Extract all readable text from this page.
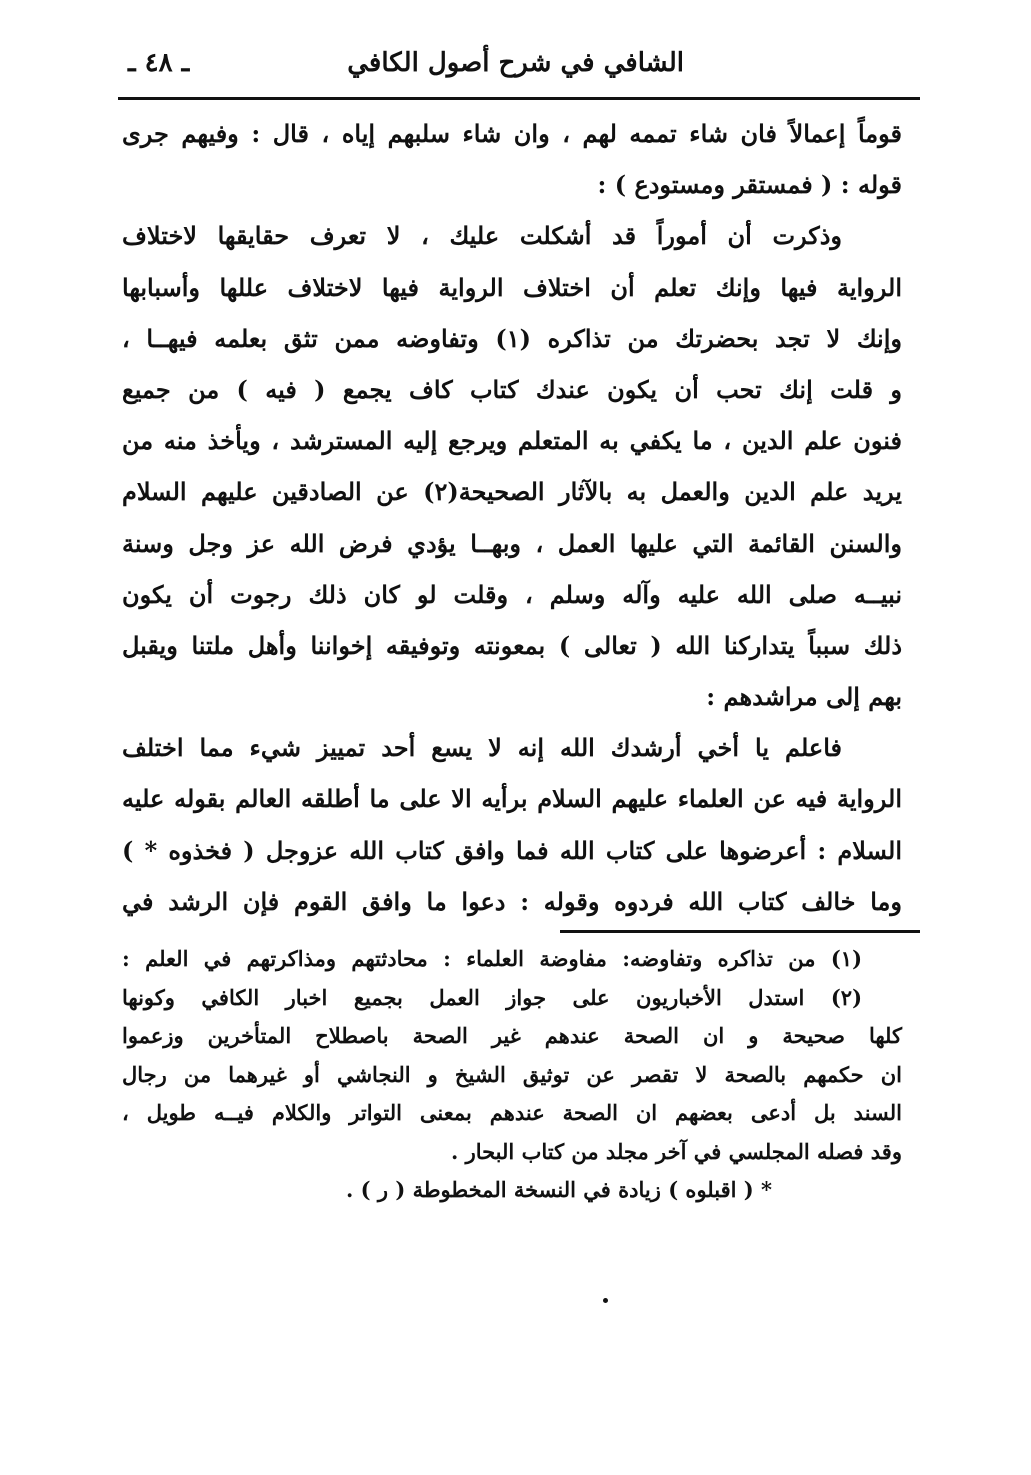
الشافي في شرح أصول الكافي
ـ ٤٨ ـ
قوماً إعمالاً فان شاء تممه لهم ، وان شاء سلبهم إياه ، قال : وفيهم جرى
قوله : ( فمستقر ومستودع ) :
وذكرت أن أموراً قد أشكلت عليك ، لا تعرف حقايقها لاختلاف
الرواية فيها وإنك تعلم أن اختلاف الرواية فيها لاختلاف عللها وأسبابها
وإنك لا تجد بحضرتك من تذاكره (١) وتفاوضه ممن تثق بعلمه فيهــا ،
و قلت إنك تحب أن يكون عندك كتاب كاف يجمع ( فيه ) من جميع
فنون علم الدين ، ما يكفي به المتعلم ويرجع إليه المسترشد ، ويأخذ منه من
يريد علم الدين والعمل به بالآثار الصحيحة(٢) عن الصادقين عليهم السلام
والسنن القائمة التي عليها العمل ، وبهــا يؤدي فرض الله عز وجل وسنة
نبيــه صلى الله عليه وآله وسلم ، وقلت لو كان ذلك رجوت أن يكون
ذلك سبباً يتداركنا الله ( تعالى ) بمعونته وتوفيقه إخواننا وأهل ملتنا ويقبل
بهم إلى مراشدهم :
فاعلم يا أخي أرشدك الله إنه لا يسع أحد تمييز شيء مما اختلف
الرواية فيه عن العلماء عليهم السلام برأيه الا على ما أطلقه العالم بقوله عليه
السلام : أعرضوها على كتاب الله فما وافق كتاب الله عزوجل ( فخذوه * )
وما خالف كتاب الله فردوه وقوله : دعوا ما وافق القوم فإن الرشد في
(١) من تذاكره وتفاوضه: مفاوضة العلماء : محادثتهم ومذاكرتهم في العلم :
(٢) استدل الأخباريون على جواز العمل بجميع اخبار الكافي وكونها
كلها صحيحة و ان الصحة عندهم غير الصحة باصطلاح المتأخرين وزعموا
ان حكمهم بالصحة لا تقصر عن توثيق الشيخ و النجاشي أو غيرهما من رجال
السند بل أدعى بعضهم ان الصحة عندهم بمعنى التواتر والكلام فيــه طويل ،
وقد فصله المجلسي في آخر مجلد من كتاب البحار .
* ( اقبلوه ) زيادة في النسخة المخطوطة ( ر ) .
